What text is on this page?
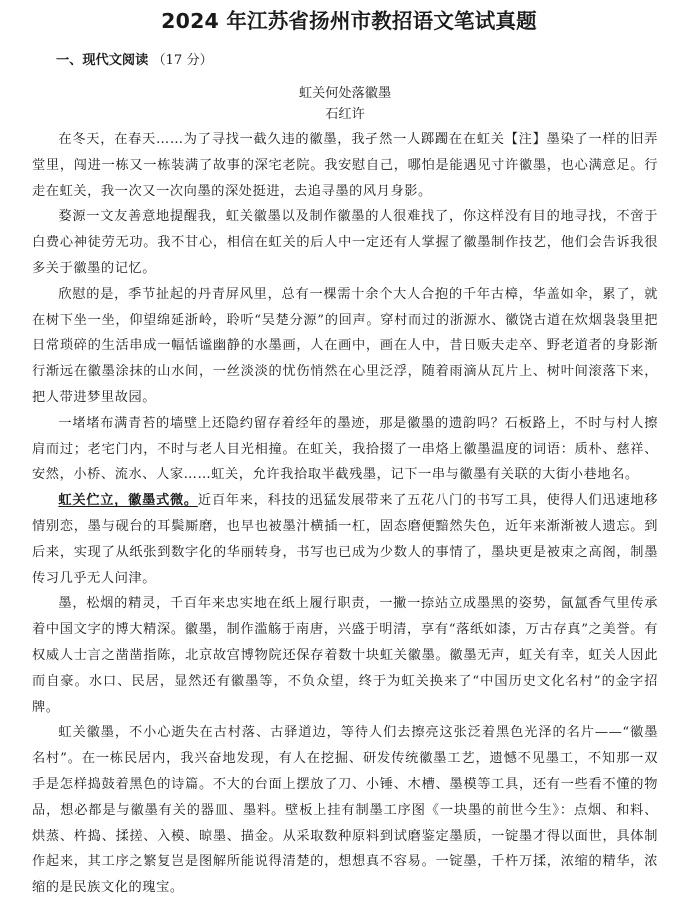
2024 年江苏省扬州市教招语文笔试真题
一、现代文阅读 （17 分）
虹关何处落徽墨
石红许

在冬天，在春天……为了寻找一截久违的徽墨，我孑然一人踯躅在在虹关【注】墨染了一样的旧弄堂里，闯进一栋又一栋装满了故事的深宅老院。我安慰自己，哪怕是能遇见寸许徽墨，也心满意足。行走在虹关，我一次又一次向墨的深处挺进，去追寻墨的风月身影。

婺源一文友善意地提醒我，虹关徽墨以及制作徽墨的人很难找了，你这样没有目的地寻找，不啻于白费心神徒劳无功。我不甘心，相信在虹关的后人中一定还有人掌握了徽墨制作技艺，他们会告诉我很多关于徽墨的记忆。

欣慰的是，季节扯起的丹青屏风里，总有一棵需十余个大人合抱的千年古樟，华盖如伞，累了，就在树下坐一坐，仰望绵延浙岭，聆听“吴楚分源”的回声。穿村而过的浙源水、徽饶古道在炊烟袅袅里把日常琐碎的生活串成一幅恬谧幽静的水墨画，人在画中，画在人中，昔日贩夫走卒、野老道者的身影渐行渐远在徽墨涂抹的山水间，一丝淡淡的忧伤悄然在心里泛浮，随着雨滴从瓦片上、树叶间滚落下来，把人带进梦里故园。

一堵堵布满青苔的墙壁上还隐约留存着经年的墨迹，那是徽墨的遗韵吗？石板路上，不时与村人擦肩而过；老宅门内，不时与老人目光相撞。在虹关，我拾掇了一串烙上徽墨温度的词语：质朴、慈祥、安然，小桥、流水、人家……虹关，允许我拾取半截残墨，记下一串与徽墨有关联的大街小巷地名。

虹关伫立，徽墨式微。近百年来，科技的迅猛发展带来了五花八门的书写工具，使得人们迅速地移情别恋，墨与砚台的耳鬓厮磨，也早也被墨汁横插一杠，固态磨便黯然失色，近年来渐渐被人遗忘。到后来，实现了从纸张到数字化的华丽转身，书写也已成为少数人的事情了，墨块更是被束之高阁，制墨传习几乎无人问津。

墨，松烟的精灵，千百年来忠实地在纸上履行职责，一撇一捺站立成墨黑的姿势，氤氲香气里传承着中国文字的博大精深。徽墨，制作滥觞于南唐，兴盛于明清，享有“落纸如漆，万古存真”之美誉。有权威人士言之凿凿指陈，北京故宫博物院还保存着数十块虹关徽墨。徽墨无声，虹关有幸，虹关人因此而自豪。水口、民居，显然还有徽墨等，不负众望，终于为虹关换来了“中国历史文化名村”的金字招牌。

虹关徽墨，不小心逝失在古村落、古驿道边，等待人们去擦亮这张泛着黑色光泽的名片——“徽墨名村”。在一栋民居内，我兴奋地发现，有人在挖掘、研发传统徽墨工艺，遗憾不见墨工，不知那一双手是怎样捣鼓着黑色的诗篇。不大的台面上摆放了刀、小锤、木槽、墨模等工具，还有一些看不懂的物品，想必都是与徽墨有关的器皿、墨料。壁板上挂有制墨工序图《一块墨的前世今生》：点烟、和料、烘蒸、杵捣、揉搓、入模、晾墨、描金。从采取数种原料到试磨鉴定墨质，一锭墨才得以面世，具体制作起来，其工序之繁复岂是图解所能说得清楚的，想想真不容易。一锭墨，千杵万揉，浓缩的精华，浓缩的是民族文化的瑰宝。
